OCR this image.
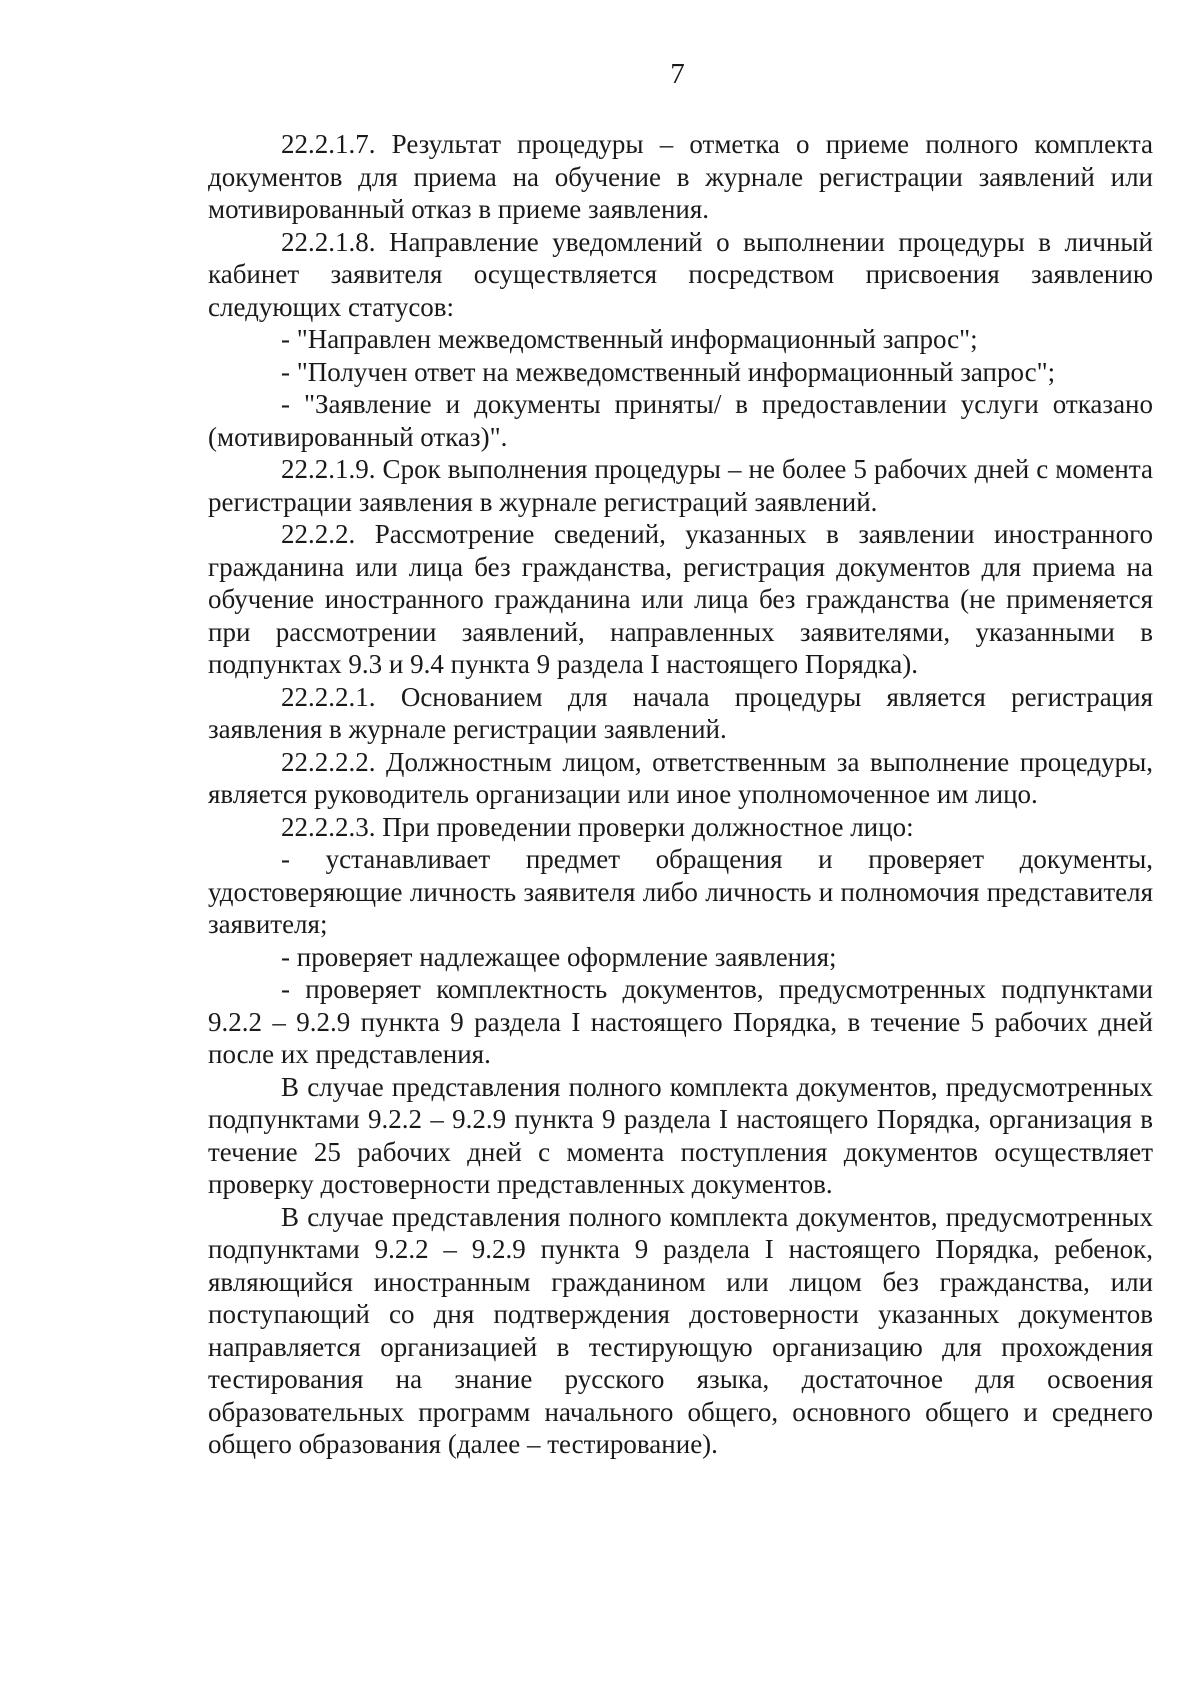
7

22.2.1.7. Результат процедуры – отметка о приеме полного комплекта документов для приема на обучение в журнале регистрации заявлений или мотивированный отказ в приеме заявления.

22.2.1.8. Направление уведомлений о выполнении процедуры в личный кабинет заявителя осуществляется посредством присвоения заявлению следующих статусов:

- "Направлен межведомственный информационный запрос";

- "Получен ответ на межведомственный информационный запрос";

- "Заявление и документы приняты/ в предоставлении услуги отказано (мотивированный отказ)".

22.2.1.9. Срок выполнения процедуры – не более 5 рабочих дней с момента регистрации заявления в журнале регистраций заявлений.

22.2.2. Рассмотрение сведений, указанных в заявлении иностранного гражданина или лица без гражданства, регистрация документов для приема на обучение иностранного гражданина или лица без гражданства (не применяется при рассмотрении заявлений, направленных заявителями, указанными в подпунктах 9.3 и 9.4 пункта 9 раздела I настоящего Порядка).

22.2.2.1. Основанием для начала процедуры является регистрация заявления в журнале регистрации заявлений.

22.2.2.2. Должностным лицом, ответственным за выполнение процедуры, является руководитель организации или иное уполномоченное им лицо.

22.2.2.3. При проведении проверки должностное лицо:

- устанавливает предмет обращения и проверяет документы, удостоверяющие личность заявителя либо личность и полномочия представителя заявителя;

- проверяет надлежащее оформление заявления;

- проверяет комплектность документов, предусмотренных подпунктами 9.2.2 – 9.2.9 пункта 9 раздела I настоящего Порядка, в течение 5 рабочих дней после их представления.

В случае представления полного комплекта документов, предусмотренных подпунктами 9.2.2 – 9.2.9 пункта 9 раздела I настоящего Порядка, организация в течение 25 рабочих дней с момента поступления документов осуществляет проверку достоверности представленных документов.

В случае представления полного комплекта документов, предусмотренных подпунктами 9.2.2 – 9.2.9 пункта 9 раздела I настоящего Порядка, ребенок, являющийся иностранным гражданином или лицом без гражданства, или поступающий со дня подтверждения достоверности указанных документов направляется организацией в тестирующую организацию для прохождения тестирования на знание русского языка, достаточное для освоения образовательных программ начального общего, основного общего и среднего общего образования (далее – тестирование).
